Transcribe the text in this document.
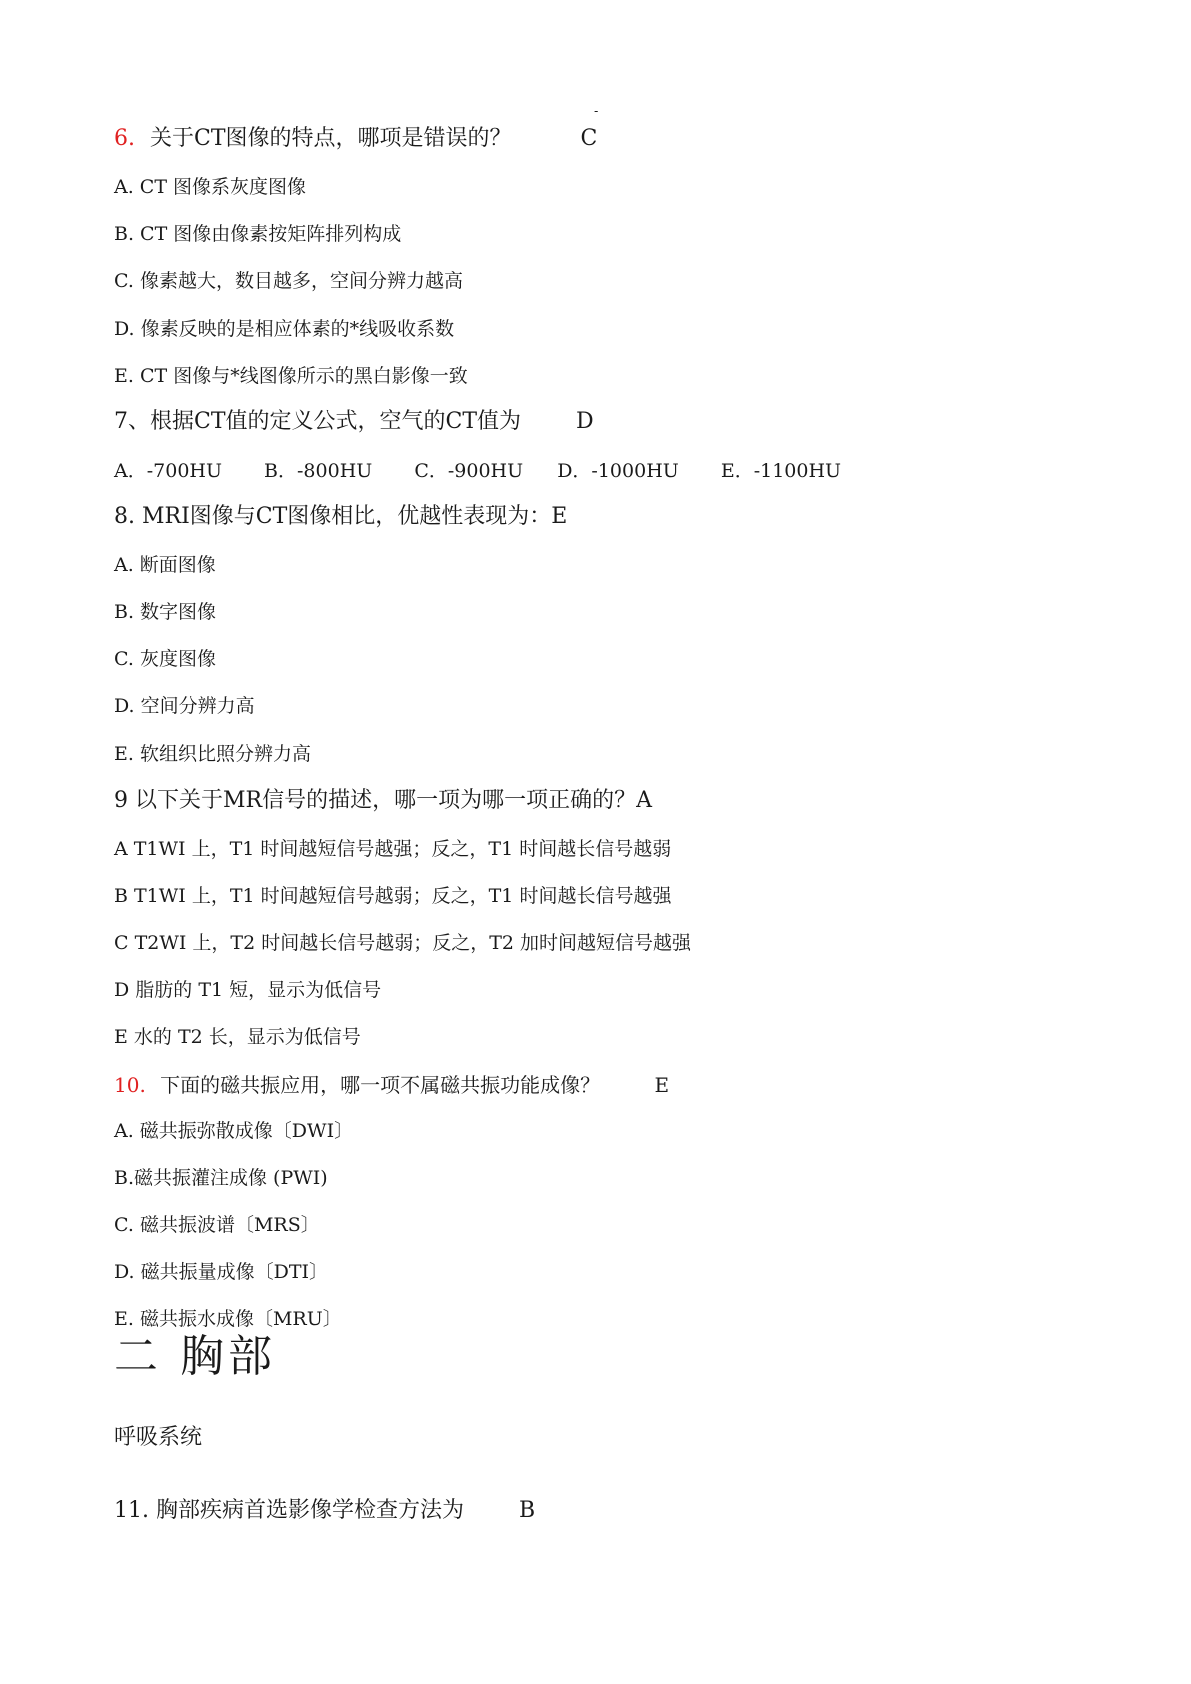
-
6. 关于CT图像的特点，哪项是错误的？	C
A. CT 图像系灰度图像
B. CT 图像由像素按矩阵排列构成
C. 像素越大，数目越多，空间分辨力越高
D. 像素反映的是相应体素的*线吸收系数
E. CT 图像与*线图像所示的黑白影像一致
7、根据CT值的定义公式，空气的CT值为	D
A．-700HU B．-800HU C．-900HU D．-1000HU E．-1100HU
8. MRI图像与CT图像相比，优越性表现为：E
A. 断面图像
B. 数字图像
C. 灰度图像
D. 空间分辨力高
E. 软组织比照分辨力高
9 以下关于MR信号的描述，哪一项为哪一项正确的？A
A T1WI 上，T1 时间越短信号越强；反之，T1 时间越长信号越弱
B T1WI 上，T1 时间越短信号越弱；反之，T1 时间越长信号越强
C T2WI 上，T2 时间越长信号越弱；反之，T2 加时间越短信号越强
D 脂肪的 T1 短，显示为低信号
E 水的 T2 长，显示为低信号
10. 下面的磁共振应用，哪一项不属磁共振功能成像？	E
A. 磁共振弥散成像〔DWI〕
B.磁共振灌注成像 (PWI)
C. 磁共振波谱〔MRS〕
D. 磁共振量成像〔DTI〕
E. 磁共振水成像〔MRU〕
二 胸部
呼吸系统
11. 胸部疾病首选影像学检查方法为	B
